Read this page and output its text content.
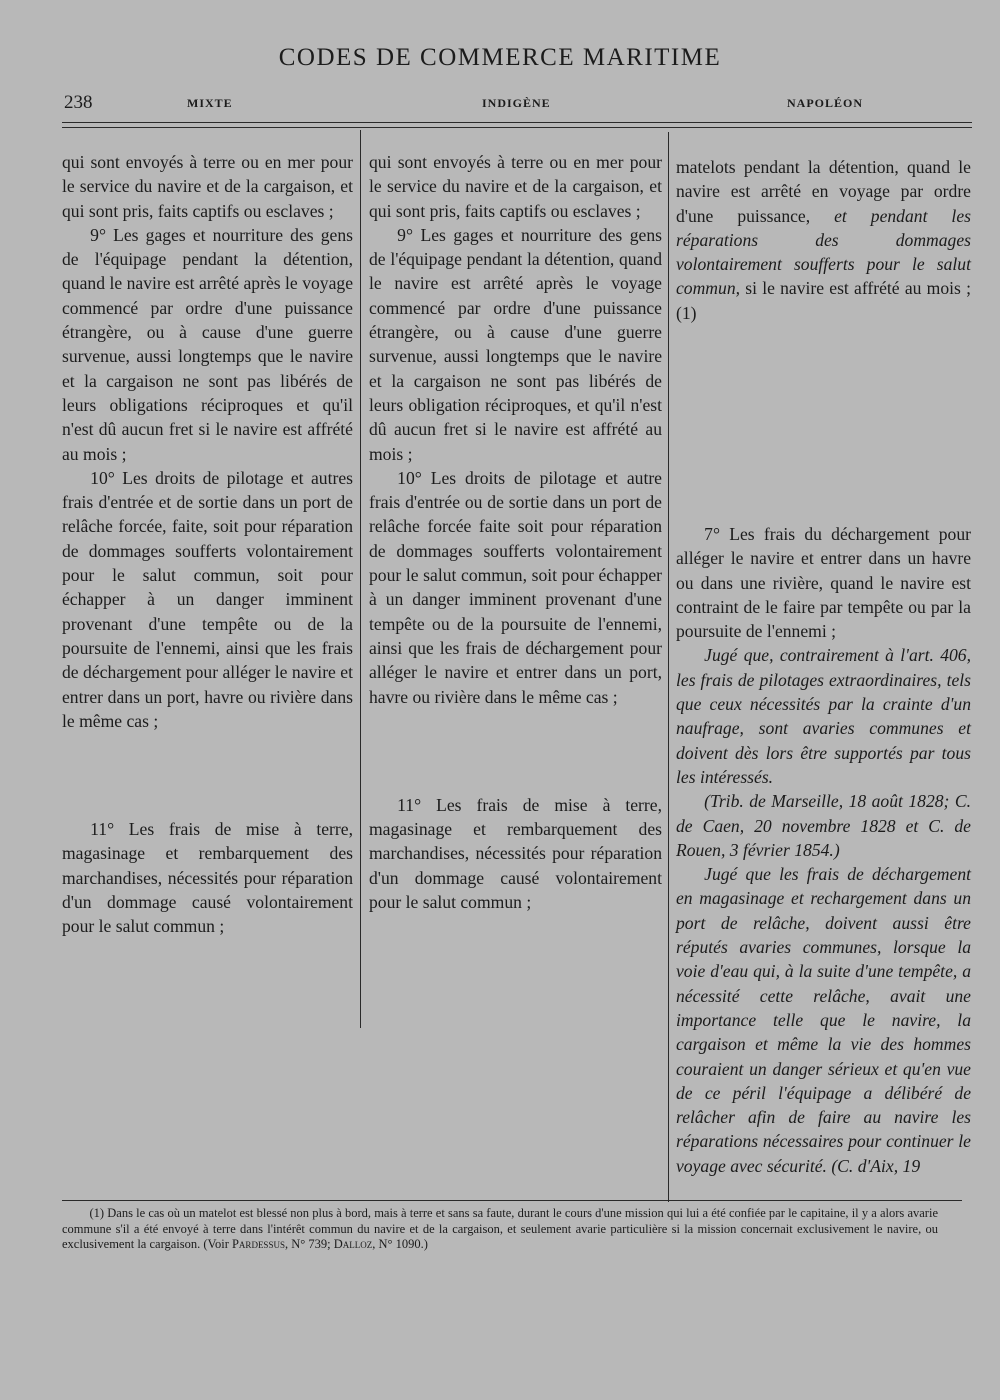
CODES DE COMMERCE MARITIME
238	MIXTE	INDIGÈNE	NAPOLÉON

qui sont envoyés à terre ou en mer pour le service du navire et de la cargaison, et qui sont pris, faits captifs ou esclaves ;

9° Les gages et nourriture des gens de l'équipage pendant la détention, quand le navire est arrêté après le voyage commencé par ordre d'une puissance étrangère, ou à cause d'une guerre survenue, aussi longtemps que le navire et la cargaison ne sont pas libérés de leurs obligations réciproques et qu'il n'est dû aucun fret si le navire est affrété au mois ;

10° Les droits de pilotage et autres frais d'entrée et de sortie dans un port de relâche forcée, faite, soit pour réparation de dommages soufferts volontairement pour le salut commun, soit pour échapper à un danger imminent provenant d'une tempête ou de la poursuite de l'ennemi, ainsi que les frais de déchargement pour alléger le navire et entrer dans un port, havre ou rivière dans le même cas ;

11° Les frais de mise à terre, magasinage et rembarquement des marchandises, nécessités pour réparation d'un dommage causé volontairement pour le salut commun ;

qui sont envoyés à terre ou en mer pour le service du navire et de la cargaison, et qui sont pris, faits captifs ou esclaves ;

9° Les gages et nourriture des gens de l'équipage pendant la détention, quand le navire est arrêté après le voyage commencé par ordre d'une puissance étrangère, ou à cause d'une guerre survenue, aussi longtemps que le navire et la cargaison ne sont pas libérés de leurs obligation réciproques, et qu'il n'est dû aucun fret si le navire est affrété au mois ;

10° Les droits de pilotage et autre frais d'entrée ou de sortie dans un port de relâche forcée faite soit pour réparation de dommages soufferts volontairement pour le salut commun, soit pour échapper à un danger imminent provenant d'une tempête ou de la poursuite de l'ennemi, ainsi que les frais de déchargement pour alléger le navire et entrer dans un port, havre ou rivière dans le même cas ;

11° Les frais de mise à terre, magasinage et rembarquement des marchandises, nécessités pour réparation d'un dommage causé volontairement pour le salut commun ;

matelots pendant la détention, quand le navire est arrêté en voyage par ordre d'une puissance, et pendant les réparations des dommages volontairement soufferts pour le salut commun, si le navire est affrété au mois ; (1)

7° Les frais du déchargement pour alléger le navire et entrer dans un havre ou dans une rivière, quand le navire est contraint de le faire par tempête ou par la poursuite de l'ennemi ;

Jugé que, contrairement à l'art. 406, les frais de pilotages extraordinaires, tels que ceux nécessités par la crainte d'un naufrage, sont avaries communes et doivent dès lors être supportés par tous les intéressés.

(Trib. de Marseille, 18 août 1828; C. de Caen, 20 novembre 1828 et C. de Rouen, 3 février 1854.)

Jugé que les frais de déchargement en magasinage et rechargement dans un port de relâche, doivent aussi être réputés avaries communes, lorsque la voie d'eau qui, à la suite d'une tempête, a nécessité cette relâche, avait une importance telle que le navire, la cargaison et même la vie des hommes couraient un danger sérieux et qu'en vue de ce péril l'équipage a délibéré de relâcher afin de faire au navire les réparations nécessaires pour continuer le voyage avec sécurité. (C. d'Aix, 19

(1) Dans le cas où un matelot est blessé non plus à bord, mais à terre et sans sa faute, durant le cours d'une mission qui lui a été confiée par le capitaine, il y a alors avarie commune s'il a été envoyé à terre dans l'intérêt commun du navire et de la cargaison, et seulement avarie particulière si la mission concernait exclusivement le navire, ou exclusivement la cargaison. (Voir Pardessus, N° 739; Dalloz, N° 1090.)
